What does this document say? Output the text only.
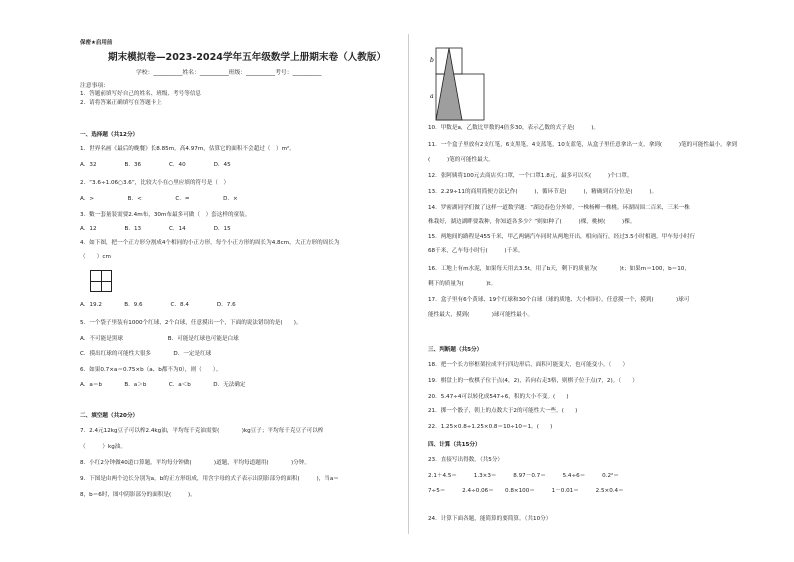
保密★启用前
期末模拟卷—2023-2024学年五年级数学上册期末卷（人教版）
学校：__________姓名：__________班级：__________考号：__________
注意事项：
1．答题前填写好自己的姓名、班级、考号等信息
2．请将答案正确填写在答题卡上
一、选择题（共12分）
1．世界名画《最后的晚餐》长8.85m，高4.97m，估算它的面积不会超过（　）m²。
A．32　　　　　B．36　　　　　C．40　　　　　D．45
2．“3.6÷1.06○3.6”，比较大小在○里应填的符号是（　）
A．>　　　　　　B．<　　　　　　C．=　　　　　　D．×
3．數一套量装需要2.4m布，30m布最多可做（　）套这样的童装。
A．12　　　　　B．13　　　　　C．14　　　　　D．15
4．如下图，把一个正方形分割成4个相同的小正方形，每个小正方形的周长为4.8cm，大正方形的周长为
（　　）cm
A．19.2　　　　B．9.6　　　　　C．8.4　　　　　D．7.6
5．一个袋子里装有1000个红球，2个白球，任意摸出一个，下面的说法错误的是(　　)。
A．不可能是黑球　　　　　　　　B．可能是红球也可能是白球
C．摸出红球的可能性大很多　　　　D．一定是红球
6．如果0.7×a＝0.75×b（a、b都不为0），则（　　）。
A．a＝b　　　　B．a＞b　　　　C．a＜b　　　　D．无法确定
二、填空题（共20分）
7．2.4元12kg豆子可以榨2.4kg油，平均每千克油需要(　　　　)kg豆子；平均每千克豆子可以榨
（　　　）kg油。
8．小红2分钟做40道口算题，平均每分钟做(　　　　)道题，平均每道题用(　　　　)分钟。
9．下图是由两个边长分别为a，b的正方形组成，用含字母的式子表示出阴影部分的面积(　　　)，当a＝
8，b＝6时，图中阴影部分的面积是(　　　)。
b
a
10．甲数是a，乙数比甲数的4倍多30，表示乙数的式子是(　　　)。
11．一个盒子里放有2支红笔，6支黑笔，4支蓝笔，10支蓝笔，从盒子里任意拿出一支，拿到(　　　)笔的可能性最小，拿到
(　　　)笔的可能性最大。
12．张阿姨将100元去商店买口罩，一个口罩1.8元，最多可以买(　　　)个口罩。
13．2.29÷11的商用简便方法记作(　　　)，循环节是(　　　)，精确到百分位是(　　　)。
14．罗密湖同学们做了这样一道数学题：“湖边春色分外娇，一株杨柳一株桃。环湖周围二百米，三米一株
株栽好，湖边湖畔要栽种，你知道各多少？”则如种了(　　　)棵，桃树(　　　)棵。
15．两地间的路程是455千米，甲乙两辆汽车同时从两地开出，相向而行，经过3.5小时相遇，甲车每小时行
68千米，乙车每小时行(　　　)千米。
16．工地上有m水泥，如果每天用去3.5t，用了b天，剩下的质量为(　　　　)t；如果m＝100，b＝10，
剩下的质量为(　　　　)t。
17．盒子里有6个黄球、19个红球和30个白球（球的质地、大小相同），任意摸一个，摸到(　　　　)球可
能性最大，摸到(　　　　)球可能性最小。
三、判断题（共5分）
18．把一个长方形框架拉成平行四边形后，面积可能变大，也可能变小。（　　）
19．棋盘上的一枚棋子位于点(4，2)，若向右走3格，则棋子位于点(7，2)。（　　）
20．5.47÷4可以转化成547÷6，积的大小不变。(　　)
21．掷一个骰子，朝上的点数大于2的可能性大一些。(　　)
22．1.25×0.8÷1.25×0.8＝10÷10＝1。(　　)
四、计算（共15分）
23．直接写出得数。（共5分）
2.1＋4.5＝　　　1.3×3＝　　　8.97－0.7＝　　　5.4÷6＝　　　0.2²＝
7÷5＝　　　2.4÷0.06＝　　0.8×100＝　　　1－0.01＝　　　2.5×0.4＝
24．计算下面各题，能简算的要简算。（共10分）
